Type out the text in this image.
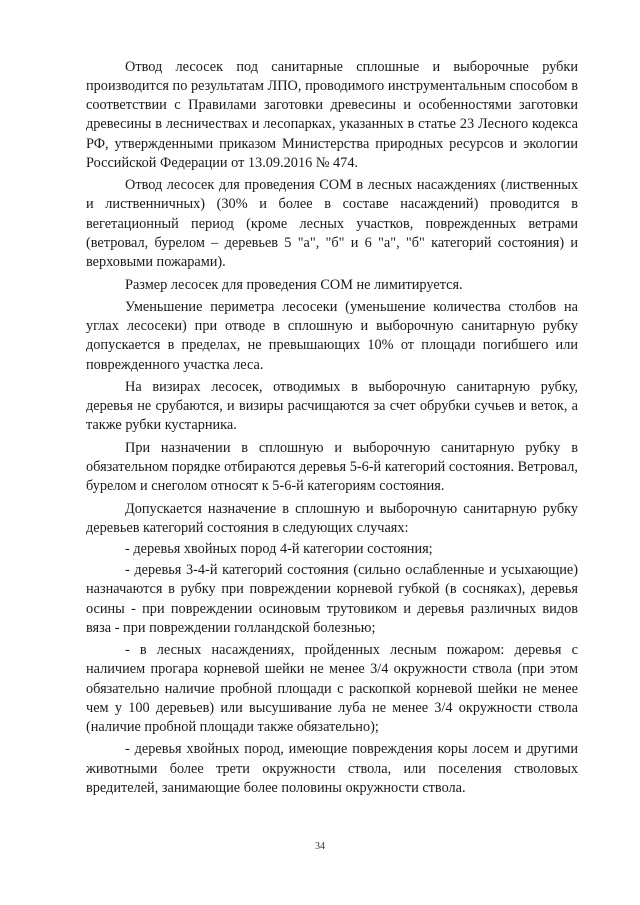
Отвод лесосек под санитарные сплошные и выборочные рубки производится по результатам ЛПО, проводимого инструментальным способом в соответствии с Правилами заготовки древесины и особенностями заготовки древесины в лесничествах и лесопарках, указанных в статье 23 Лесного кодекса РФ, утвержденными приказом Министерства природных ресурсов и экологии Российской Федерации от 13.09.2016 № 474.

Отвод лесосек для проведения СОМ в лесных насаждениях (лиственных и лиственничных) (30% и более в составе насаждений) проводится в вегетационный период (кроме лесных участков, поврежденных ветрами (ветровал, бурелом – деревьев 5 "а", "б" и 6 "а", "б" категорий состояния) и верховыми пожарами).

Размер лесосек для проведения СОМ не лимитируется.

Уменьшение периметра лесосеки (уменьшение количества столбов на углах лесосеки) при отводе в сплошную и выборочную санитарную рубку допускается в пределах, не превышающих 10% от площади погибшего или поврежденного участка леса.

На визирах лесосек, отводимых в выборочную санитарную рубку, деревья не срубаются, и визиры расчищаются за счет обрубки сучьев и веток, а также рубки кустарника.

При назначении в сплошную и выборочную санитарную рубку в обязательном порядке отбираются деревья 5-6-й категорий состояния. Ветровал, бурелом и снеголом относят к 5-6-й категориям состояния.

Допускается назначение в сплошную и выборочную санитарную рубку деревьев категорий состояния в следующих случаях:

- деревья хвойных пород 4-й категории состояния;

- деревья 3-4-й категорий состояния (сильно ослабленные и усыхающие) назначаются в рубку при повреждении корневой губкой (в сосняках), деревья осины - при повреждении осиновым трутовиком и деревья различных видов вяза - при повреждении голландской болезнью;

- в лесных насаждениях, пройденных лесным пожаром: деревья с наличием прогара корневой шейки не менее 3/4 окружности ствола (при этом обязательно наличие пробной площади с раскопкой корневой шейки не менее чем у 100 деревьев) или высушивание луба не менее 3/4 окружности ствола (наличие пробной площади также обязательно);

- деревья хвойных пород, имеющие повреждения коры лосем и другими животными более трети окружности ствола, или поселения стволовых вредителей, занимающие более половины окружности ствола.

34
